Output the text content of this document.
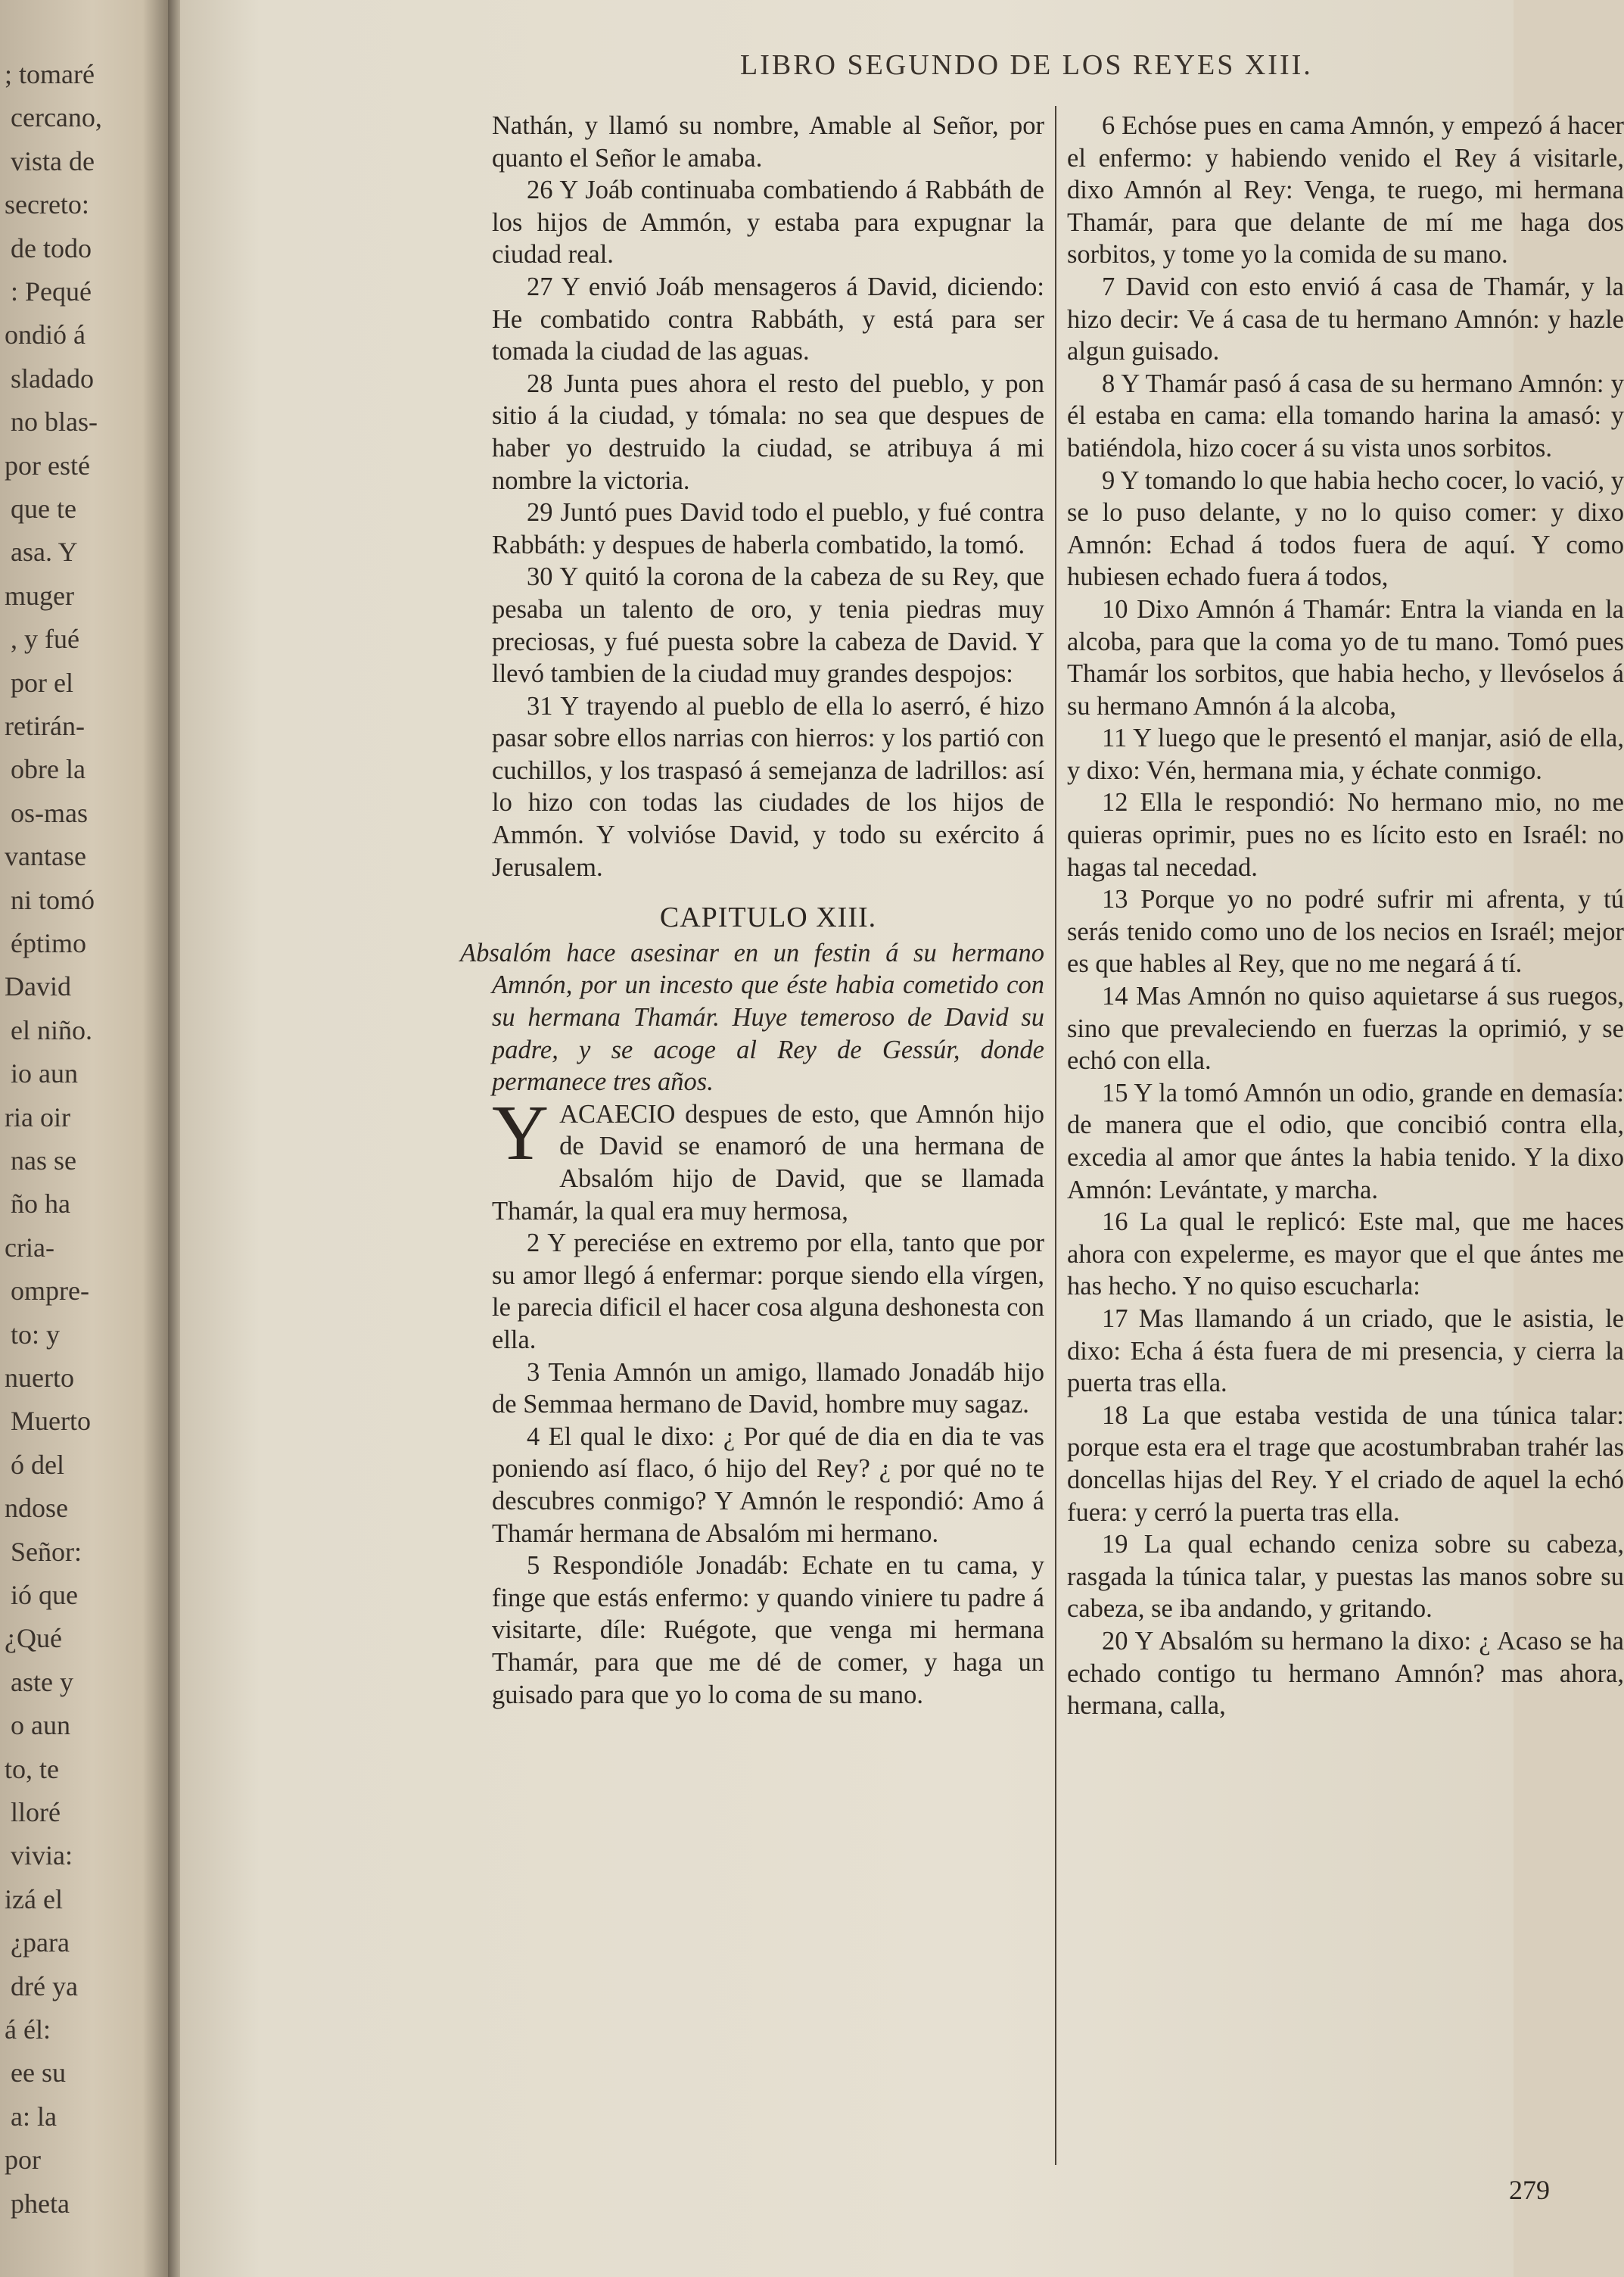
; tomaré
cercano,
vista de
secreto:
de todo
: Pequé
ondió á
sladado
no blas-
por esté
que te
asa. Y
muger
, y fué
por el
retirán-
obre la
os-mas
vantase
ni tomó
éptimo
David
el niño.
io aun
ria oir
nas se
ño ha
cria-
ompre-
to: y
nuerto
Muerto
ó del
ndose
Señor:
ió que
¿Qué
aste y
o aun
to, te
lloré
vivia:
izá el
¿para
dré ya
á él:
ee su
a: la
por
pheta
LIBRO SEGUNDO DE LOS REYES XIII.

Nathán, y llamó su nombre, Amable al Señor, por quanto el Señor le amaba.

26 Y Joáb continuaba combatiendo á Rabbáth de los hijos de Ammón, y estaba para expugnar la ciudad real.

27 Y envió Joáb mensageros á David, diciendo: He combatido contra Rabbáth, y está para ser tomada la ciudad de las aguas.

28 Junta pues ahora el resto del pueblo, y pon sitio á la ciudad, y tómala: no sea que despues de haber yo destruido la ciudad, se atribuya á mi nombre la victoria.

29 Juntó pues David todo el pueblo, y fué contra Rabbáth: y despues de haberla combatido, la tomó.

30 Y quitó la corona de la cabeza de su Rey, que pesaba un talento de oro, y tenia piedras muy preciosas, y fué puesta sobre la cabeza de David. Y llevó tambien de la ciudad muy grandes despojos:

31 Y trayendo al pueblo de ella lo aserró, é hizo pasar sobre ellos narrias con hierros: y los partió con cuchillos, y los traspasó á semejanza de ladrillos: así lo hizo con todas las ciudades de los hijos de Ammón. Y volvióse David, y todo su exército á Jerusalem.

CAPITULO XIII.

Absalóm hace asesinar en un festin á su hermano Amnón, por un incesto que éste habia cometido con su hermana Thamár. Huye temeroso de David su padre, y se acoge al Rey de Gessúr, donde permanece tres años.

Y ACAECIO despues de esto, que Amnón hijo de David se enamoró de una hermana de Absalóm hijo de David, que se llamada Thamár, la qual era muy hermosa,

2 Y pereciése en extremo por ella, tanto que por su amor llegó á enfermar: porque siendo ella vírgen, le parecia dificil el hacer cosa alguna deshonesta con ella.

3 Tenia Amnón un amigo, llamado Jonadáb hijo de Semmaa hermano de David, hombre muy sagaz.

4 El qual le dixo: ¿ Por qué de dia en dia te vas poniendo así flaco, ó hijo del Rey? ¿ por qué no te descubres conmigo? Y Amnón le respondió: Amo á Thamár hermana de Absalóm mi hermano.

5 Respondióle Jonadáb: Echate en tu cama, y finge que estás enfermo: y quando viniere tu padre á visitarte, díle: Ruégote, que venga mi hermana Thamár, para que me dé de comer, y haga un guisado para que yo lo coma de su mano.

6 Echóse pues en cama Amnón, y empezó á hacer el enfermo: y habiendo venido el Rey á visitarle, dixo Amnón al Rey: Venga, te ruego, mi hermana Thamár, para que delante de mí me haga dos sorbitos, y tome yo la comida de su mano.

7 David con esto envió á casa de Thamár, y la hizo decir: Ve á casa de tu hermano Amnón: y hazle algun guisado.

8 Y Thamár pasó á casa de su hermano Amnón: y él estaba en cama: ella tomando harina la amasó: y batiéndola, hizo cocer á su vista unos sorbitos.

9 Y tomando lo que habia hecho cocer, lo vació, y se lo puso delante, y no lo quiso comer: y dixo Amnón: Echad á todos fuera de aquí. Y como hubiesen echado fuera á todos,

10 Dixo Amnón á Thamár: Entra la vianda en la alcoba, para que la coma yo de tu mano. Tomó pues Thamár los sorbitos, que habia hecho, y llevóselos á su hermano Amnón á la alcoba,

11 Y luego que le presentó el manjar, asió de ella, y dixo: Vén, hermana mia, y échate conmigo.

12 Ella le respondió: No hermano mio, no me quieras oprimir, pues no es lícito esto en Israél: no hagas tal necedad.

13 Porque yo no podré sufrir mi afrenta, y tú serás tenido como uno de los necios en Israél; mejor es que hables al Rey, que no me negará á tí.

14 Mas Amnón no quiso aquietarse á sus ruegos, sino que prevaleciendo en fuerzas la oprimió, y se echó con ella.

15 Y la tomó Amnón un odio, grande en demasía: de manera que el odio, que concibió contra ella, excedia al amor que ántes la habia tenido. Y la dixo Amnón: Levántate, y marcha.

16 La qual le replicó: Este mal, que me haces ahora con expelerme, es mayor que el que ántes me has hecho. Y no quiso escucharla:

17 Mas llamando á un criado, que le asistia, le dixo: Echa á ésta fuera de mi presencia, y cierra la puerta tras ella.

18 La que estaba vestida de una túnica talar: porque esta era el trage que acostumbraban trahér las doncellas hijas del Rey. Y el criado de aquel la echó fuera: y cerró la puerta tras ella.

19 La qual echando ceniza sobre su cabeza, rasgada la túnica talar, y puestas las manos sobre su cabeza, se iba andando, y gritando.

20 Y Absalóm su hermano la dixo: ¿ Acaso se ha echado contigo tu hermano Amnón? mas ahora, hermana, calla,

279
